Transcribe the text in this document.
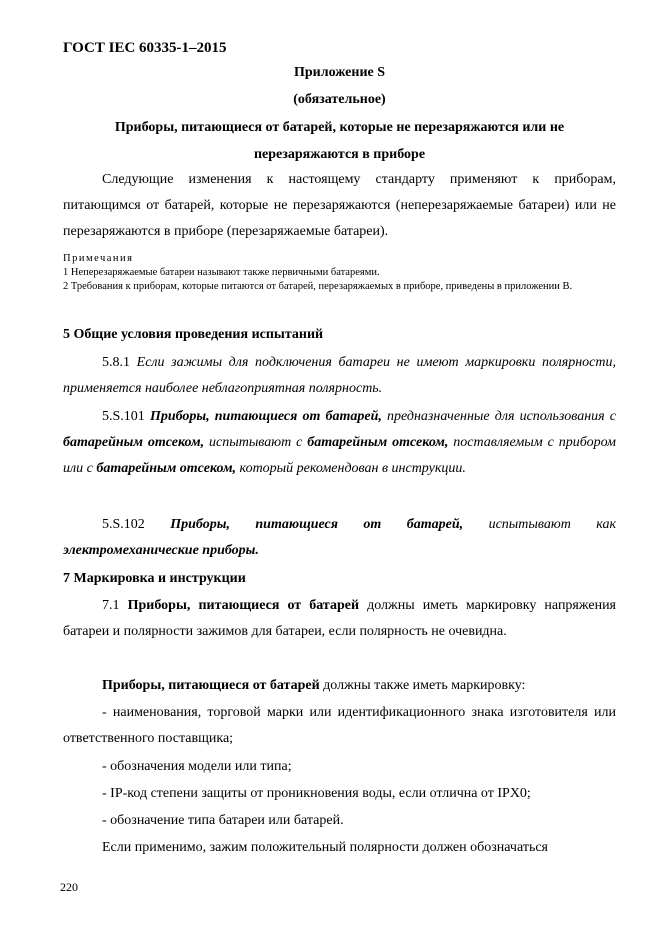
ГОСТ IEC 60335-1–2015
Приложение S
(обязательное)
Приборы, питающиеся от батарей, которые не перезаряжаются или не перезаряжаются в приборе
Следующие изменения к настоящему стандарту применяют к приборам, питающимся от батарей, которые не перезаряжаются (неперезаряжаемые батареи) или не перезаряжаются в приборе (перезаряжаемые батареи).
Примечания
1 Неперезаряжаемые батареи называют также первичными батареями.
2 Требования к приборам, которые питаются от батарей, перезаряжаемых в приборе, приведены в приложении B.
5 Общие условия проведения испытаний
5.8.1 Если зажимы для подключения батареи не имеют маркировки полярности, применяется наиболее неблагоприятная полярность.
5.S.101 Приборы, питающиеся от батарей, предназначенные для использования с батарейным отсеком, испытывают с батарейным отсеком, поставляемым с прибором или с батарейным отсеком, который рекомендован в инструкции.
5.S.102 Приборы, питающиеся от батарей, испытывают как электромеханические приборы.
7 Маркировка и инструкции
7.1 Приборы, питающиеся от батарей должны иметь маркировку напряжения батареи и полярности зажимов для батареи, если полярность не очевидна.
Приборы, питающиеся от батарей должны также иметь маркировку:
- наименования, торговой марки или идентификационного знака изготовителя или ответственного поставщика;
- обозначения модели или типа;
- IP-код степени защиты от проникновения воды, если отлична от IPX0;
- обозначение типа батареи или батарей.
Если применимо, зажим положительный полярности должен обозначаться
220
